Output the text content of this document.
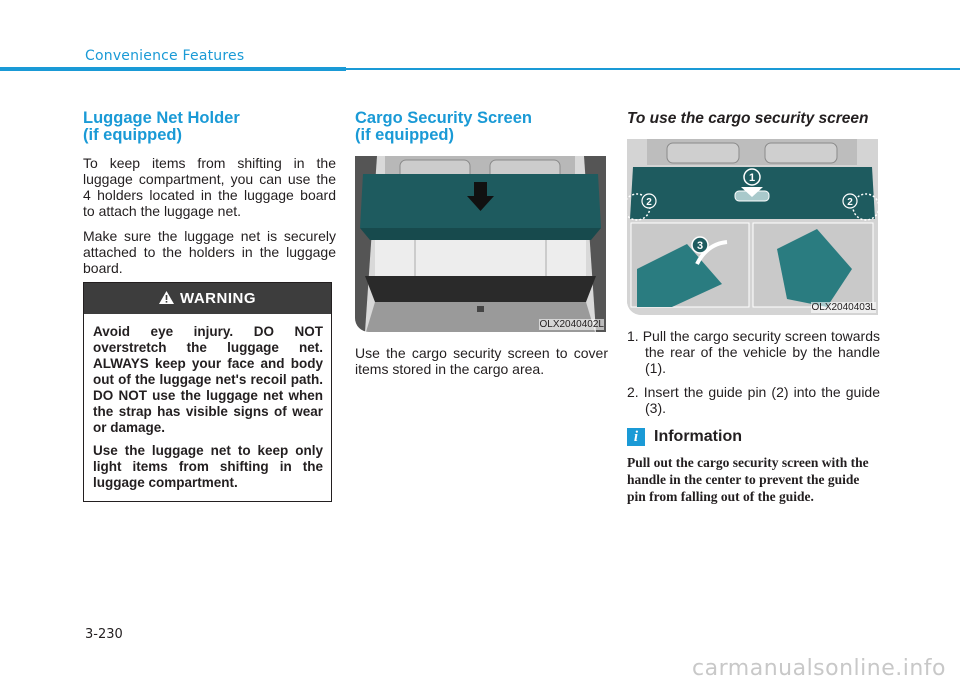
Convenience Features
Luggage Net Holder
(if equipped)

To keep items from shifting in the luggage compartment, you can use the 4 holders located in the luggage board to attach the luggage net.

Make sure the luggage net is securely attached to the holders in the luggage board.

WARNING

Avoid eye injury. DO NOT overstretch the luggage net. ALWAYS keep your face and body out of the luggage net's recoil path. DO NOT use the luggage net when the strap has visible signs of wear or damage.

Use the luggage net to keep only light items from shifting in the luggage compartment.

Cargo Security Screen
(if equipped)
OLX2040402L

Use the cargo security screen to cover items stored in the cargo area.

To use the cargo security screen
1
2	2
3
OLX2040403L
1. Pull the cargo security screen towards the rear of the vehicle by the handle (1).
2. Insert the guide pin (2) into the guide (3).
i Information

Pull out the cargo security screen with the handle in the center to prevent the guide pin from falling out of the guide.

3-230
carmanualsonline.info
